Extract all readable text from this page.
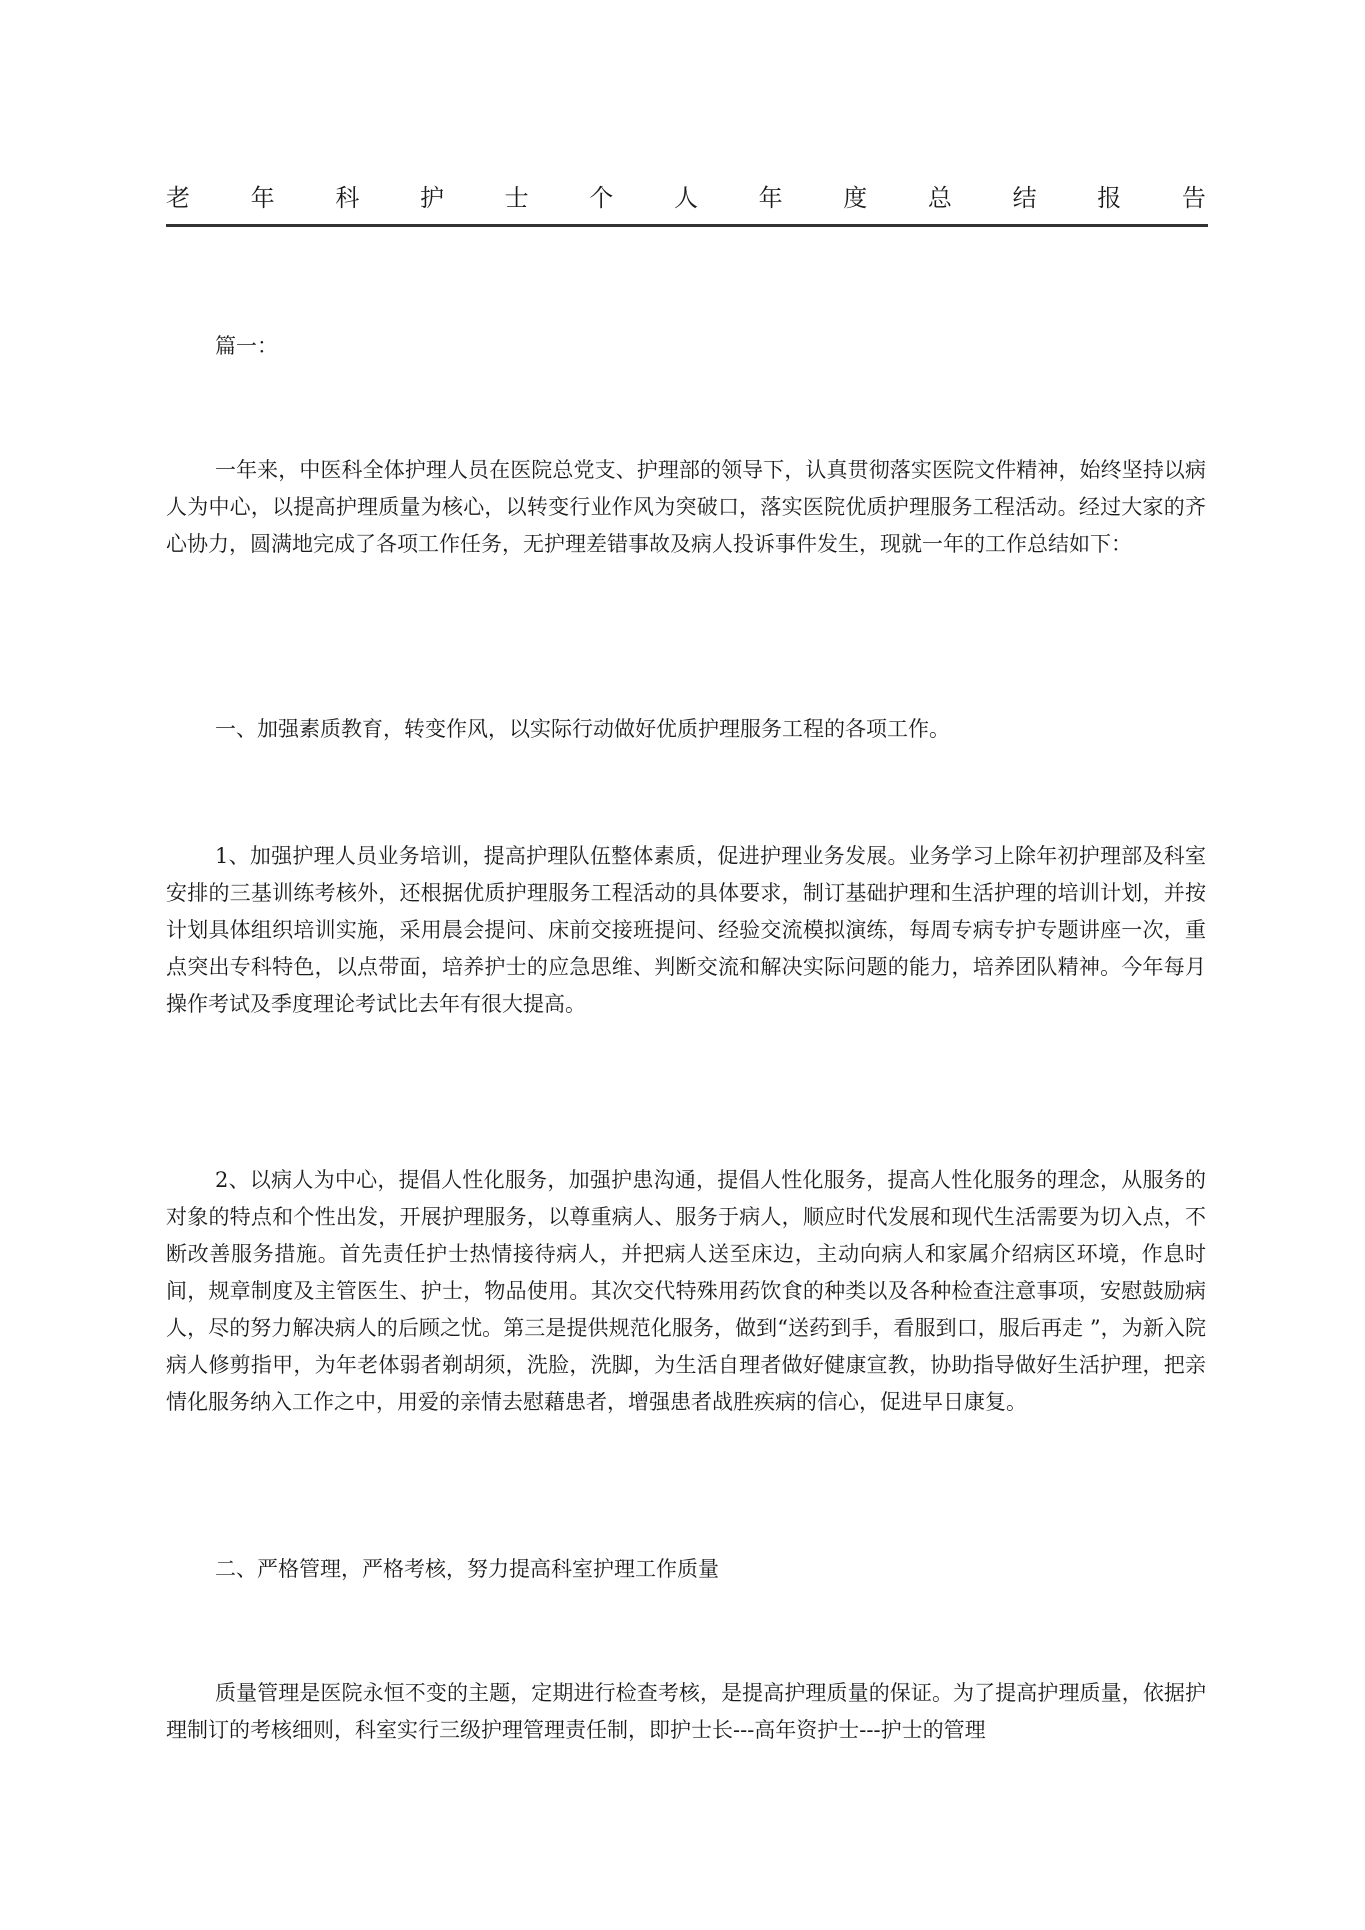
老	年	科	护	士	个	人	年	度	总	结	报	告

篇一：

一年来，中医科全体护理人员在医院总党支、护理部的领导下，认真贯彻落实医院文件精神，始终坚持以病人为中心，以提高护理质量为核心，以转变行业作风为突破口，落实医院优质护理服务工程活动。经过大家的齐心协力，圆满地完成了各项工作任务，无护理差错事故及病人投诉事件发生，现就一年的工作总结如下：

一、加强素质教育，转变作风，以实际行动做好优质护理服务工程的各项工作。

1、加强护理人员业务培训，提高护理队伍整体素质，促进护理业务发展。业务学习上除年初护理部及科室安排的三基训练考核外，还根据优质护理服务工程活动的具体要求，制订基础护理和生活护理的培训计划，并按计划具体组织培训实施，采用晨会提问、床前交接班提问、经验交流模拟演练，每周专病专护专题讲座一次，重点突出专科特色，以点带面，培养护士的应急思维、判断交流和解决实际问题的能力，培养团队精神。今年每月操作考试及季度理论考试比去年有很大提高。

2、以病人为中心，提倡人性化服务，加强护患沟通，提倡人性化服务，提高人性化服务的理念，从服务的对象的特点和个性出发，开展护理服务，以尊重病人、服务于病人，顺应时代发展和现代生活需要为切入点，不断改善服务措施。首先责任护士热情接待病人，并把病人送至床边，主动向病人和家属介绍病区环境，作息时间，规章制度及主管医生、护士，物品使用。其次交代特殊用药饮食的种类以及各种检查注意事项，安慰鼓励病人，尽的努力解决病人的后顾之忧。第三是提供规范化服务，做到“送药到手，看服到口，服后再走 ”，为新入院病人修剪指甲，为年老体弱者剃胡须，洗脸，洗脚，为生活自理者做好健康宣教，协助指导做好生活护理，把亲情化服务纳入工作之中，用爱的亲情去慰藉患者，增强患者战胜疾病的信心，促进早日康复。

二、严格管理，严格考核，努力提高科室护理工作质量

质量管理是医院永恒不变的主题，定期进行检查考核，是提高护理质量的保证。为了提高护理质量，依据护理制订的考核细则，科室实行三级护理管理责任制，即护士长---高年资护士---护士的管理
